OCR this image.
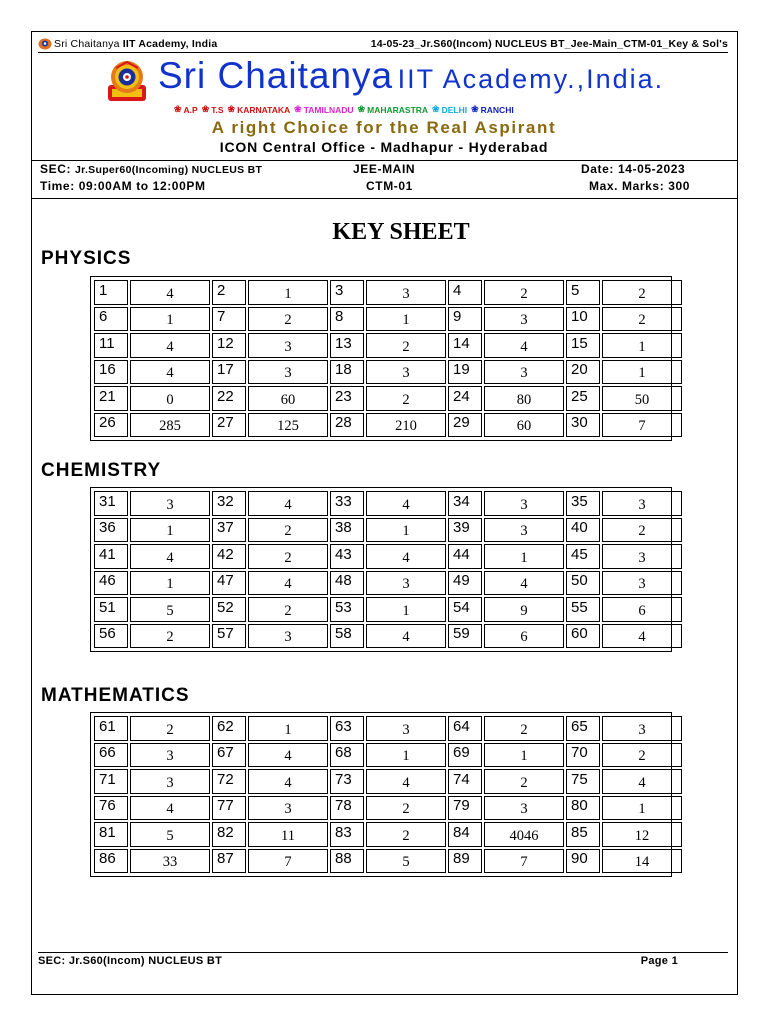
Sri Chaitanya
IIT Academy, India	14-05-23_Jr.S60(Incom) NUCLEUS BT_Jee-Main_CTM-01_Key & Sol's
Sri Chaitanya IIT Academy.,India.
❀ A.P ❀ T.S ❀ KARNATAKA ❀ TAMILNADU ❀ MAHARASTRA ❀ DELHI ❀ RANCHI
A right Choice for the Real Aspirant
ICON Central Office - Madhapur - Hyderabad
SEC: Jr.Super60(Incoming) NUCLEUS BT	JEE-MAIN	Date: 14-05-2023
Time: 09:00AM to 12:00PM	CTM-01	Max. Marks: 300
KEY SHEET
PHYSICS
1	4	2	1	3	3	4	2	5	2
6	1	7	2	8	1	9	3	10	2
11	4	12	3	13	2	14	4	15	1
16	4	17	3	18	3	19	3	20	1
21	0	22	60	23	2	24	80	25	50
26	285	27	125	28	210	29	60	30	7
CHEMISTRY
31	3	32	4	33	4	34	3	35	3
36	1	37	2	38	1	39	3	40	2
41	4	42	2	43	4	44	1	45	3
46	1	47	4	48	3	49	4	50	3
51	5	52	2	53	1	54	9	55	6
56	2	57	3	58	4	59	6	60	4
MATHEMATICS
61	2	62	1	63	3	64	2	65	3
66	3	67	4	68	1	69	1	70	2
71	3	72	4	73	4	74	2	75	4
76	4	77	3	78	2	79	3	80	1
81	5	82	11	83	2	84	4046	85	12
86	33	87	7	88	5	89	7	90	14
SEC: Jr.S60(Incom) NUCLEUS BT	Page 1
